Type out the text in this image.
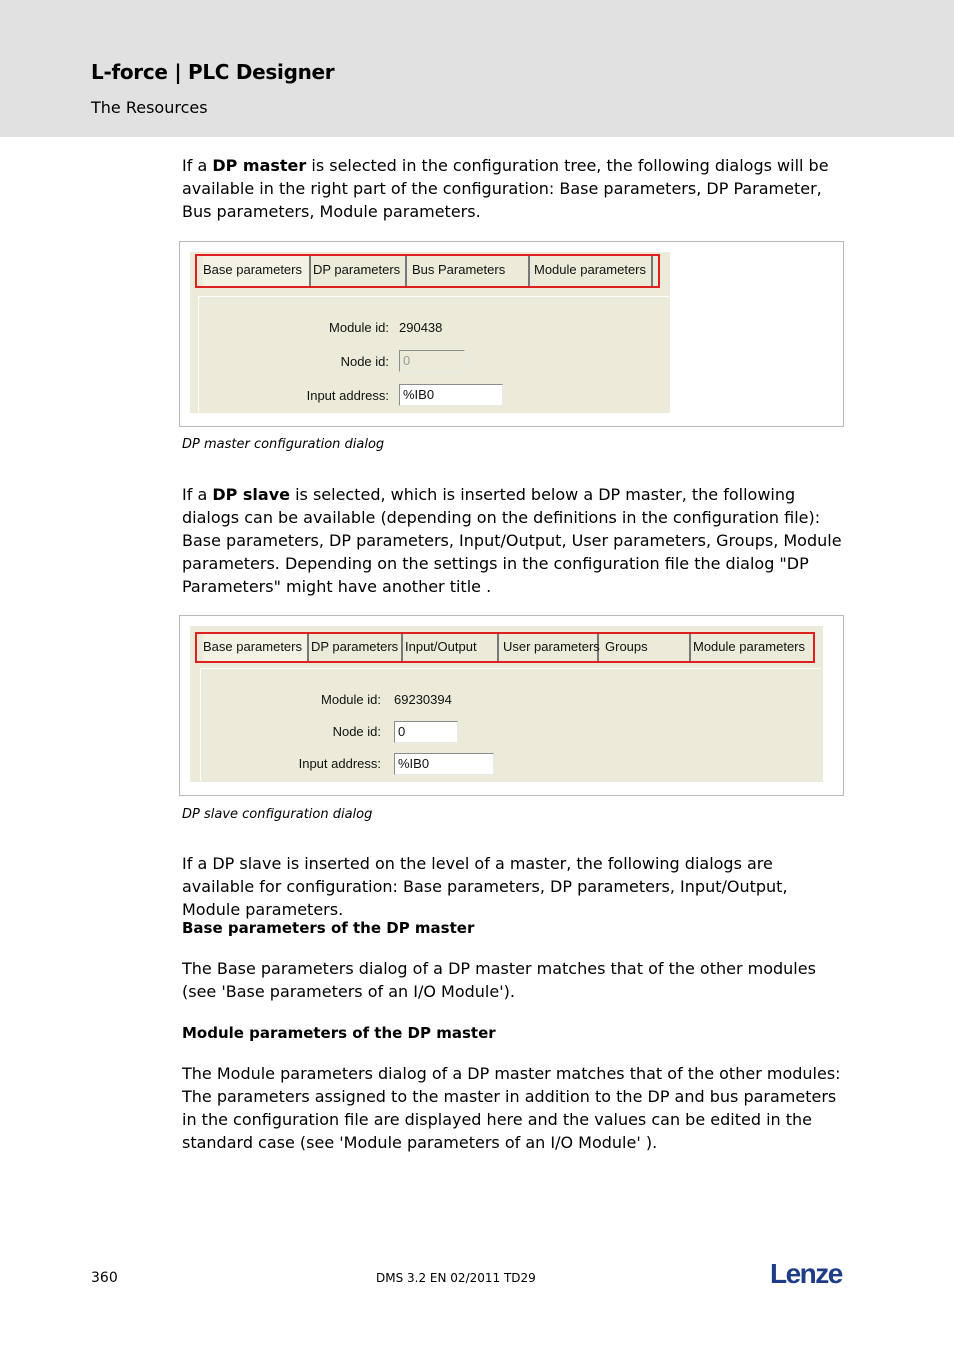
L-force | PLC Designer
The Resources
If a DP master is selected in the configuration tree, the following dialogs will be available in the right part of the configuration: Base parameters, DP Parameter, Bus parameters, Module parameters.
Base parameters DP parameters Bus Parameters	Module parameters
Module id: 290438
Node id:	0
Input address:	%IB0
DP master configuration dialog
If a DP slave is selected, which is inserted below a DP master, the following dialogs can be available (depending on the definitions in the configuration file): Base parameters, DP parameters, Input/Output, User parameters, Groups, Module parameters. Depending on the settings in the configuration file the dialog "DP Parameters" might have another title .
Base parameters DP parameters Input/Output	User parameters Groups	Module parameters
Module id: 69230394
Node id:	0
Input address:	%IB0
DP slave configuration dialog
If a DP slave is inserted on the level of a master, the following dialogs are available for configuration: Base parameters, DP parameters, Input/Output, Module parameters.
Base parameters of the DP master
The Base parameters dialog of a DP master matches that of the other modules (see 'Base parameters of an I/O Module').
Module parameters of the DP master
The Module parameters dialog of a DP master matches that of the other modules: The parameters assigned to the master in addition to the DP and bus parameters in the configuration file are displayed here and the values can be edited in the standard case (see 'Module parameters of an I/O Module' ).
360	DMS 3.2 EN 02/2011 TD29	Lenze
